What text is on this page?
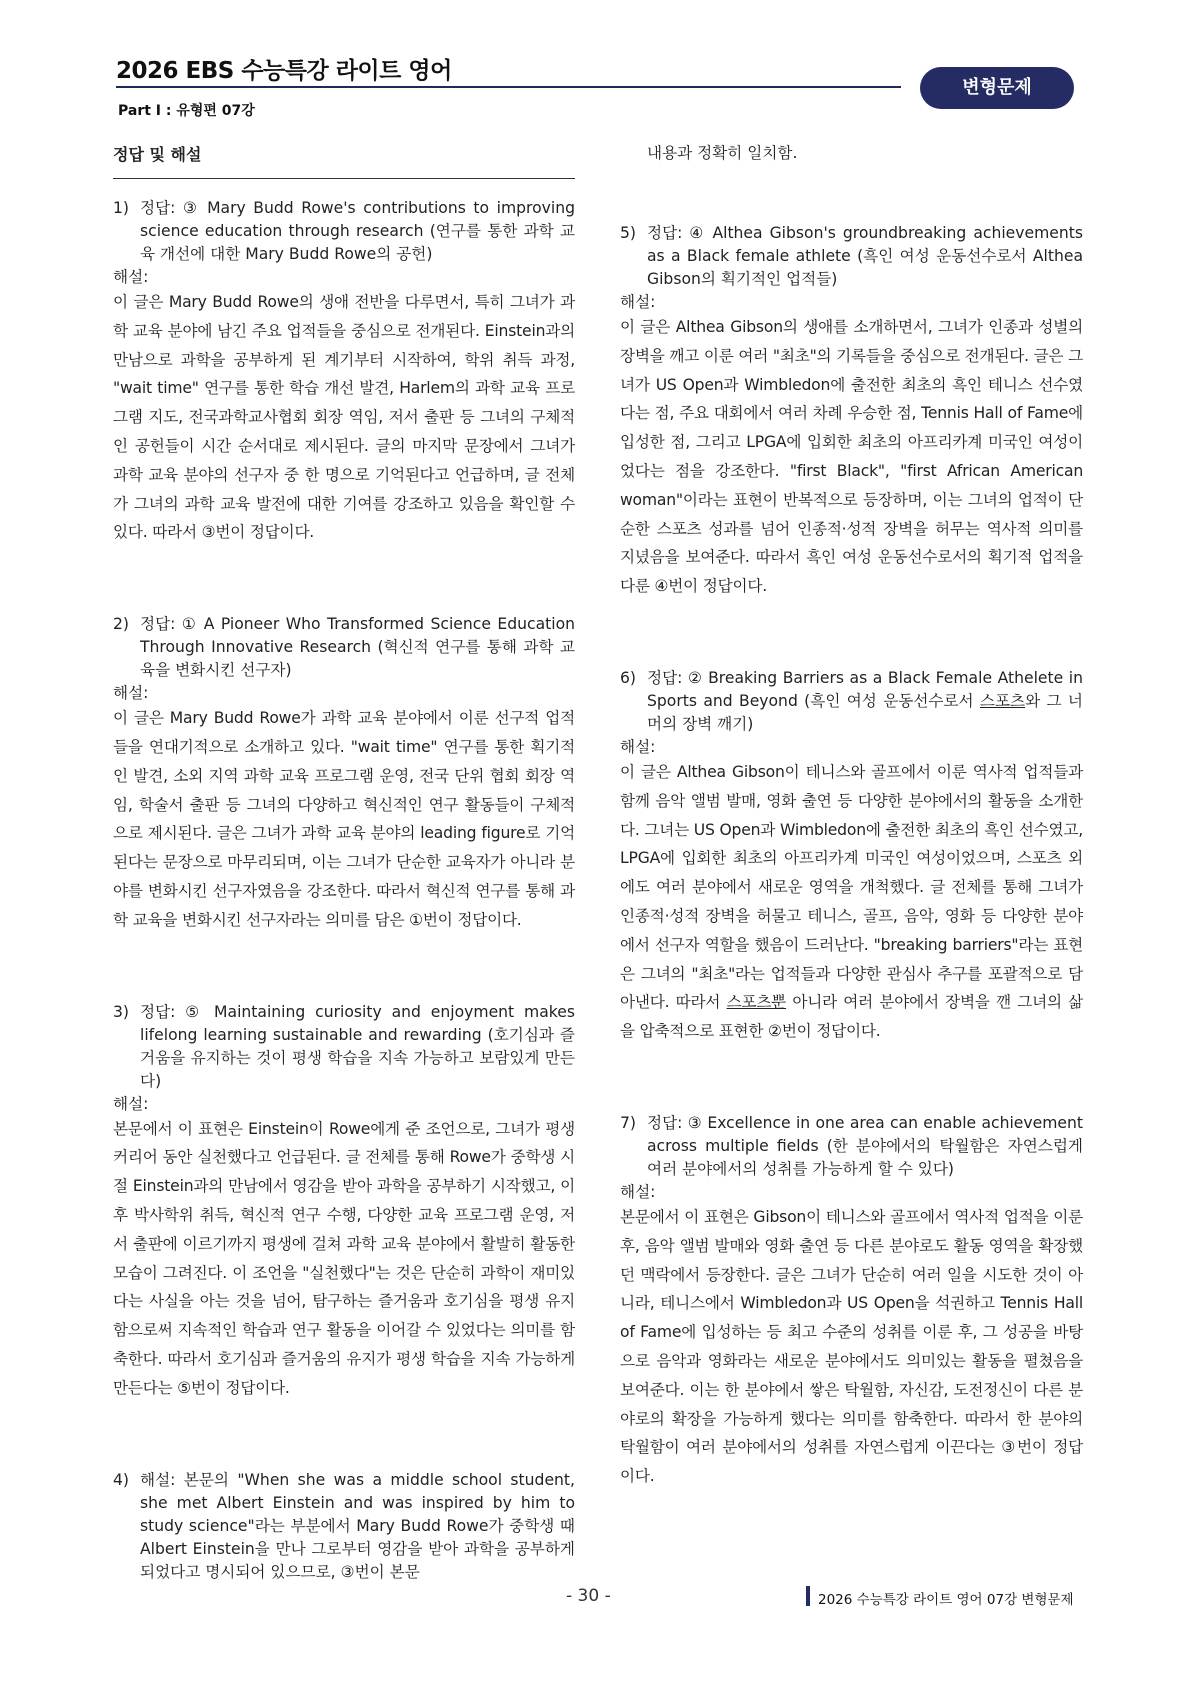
2026 EBS 수능특강 라이트 영어
Part Ⅰ : 유형편 07강
변형문제
정답 및 해설
1) 정답: ③ Mary Budd Rowe's contributions to improving science education through research (연구를 통한 과학 교육 개선에 대한 Mary Budd Rowe의 공헌)
해설:
이 글은 Mary Budd Rowe의 생애 전반을 다루면서, 특히 그녀가 과학 교육 분야에 남긴 주요 업적들을 중심으로 전개된다. Einstein과의 만남으로 과학을 공부하게 된 계기부터 시작하여, 학위 취득 과정, "wait time" 연구를 통한 학습 개선 발견, Harlem의 과학 교육 프로그램 지도, 전국과학교사협회 회장 역임, 저서 출판 등 그녀의 구체적인 공헌들이 시간 순서대로 제시된다. 글의 마지막 문장에서 그녀가 과학 교육 분야의 선구자 중 한 명으로 기억된다고 언급하며, 글 전체가 그녀의 과학 교육 발전에 대한 기여를 강조하고 있음을 확인할 수 있다. 따라서 ③번이 정답이다.
2) 정답: ① A Pioneer Who Transformed Science Education Through Innovative Research (혁신적 연구를 통해 과학 교육을 변화시킨 선구자)
해설:
이 글은 Mary Budd Rowe가 과학 교육 분야에서 이룬 선구적 업적들을 연대기적으로 소개하고 있다. "wait time" 연구를 통한 획기적인 발견, 소외 지역 과학 교육 프로그램 운영, 전국 단위 협회 회장 역임, 학술서 출판 등 그녀의 다양하고 혁신적인 연구 활동들이 구체적으로 제시된다. 글은 그녀가 과학 교육 분야의 leading figure로 기억된다는 문장으로 마무리되며, 이는 그녀가 단순한 교육자가 아니라 분야를 변화시킨 선구자였음을 강조한다. 따라서 혁신적 연구를 통해 과학 교육을 변화시킨 선구자라는 의미를 담은 ①번이 정답이다.
3) 정답: ⑤ Maintaining curiosity and enjoyment makes lifelong learning sustainable and rewarding (호기심과 즐거움을 유지하는 것이 평생 학습을 지속 가능하고 보람있게 만든다)
해설:
본문에서 이 표현은 Einstein이 Rowe에게 준 조언으로, 그녀가 평생 커리어 동안 실천했다고 언급된다. 글 전체를 통해 Rowe가 중학생 시절 Einstein과의 만남에서 영감을 받아 과학을 공부하기 시작했고, 이후 박사학위 취득, 혁신적 연구 수행, 다양한 교육 프로그램 운영, 저서 출판에 이르기까지 평생에 걸쳐 과학 교육 분야에서 활발히 활동한 모습이 그려진다. 이 조언을 "실천했다"는 것은 단순히 과학이 재미있다는 사실을 아는 것을 넘어, 탐구하는 즐거움과 호기심을 평생 유지함으로써 지속적인 학습과 연구 활동을 이어갈 수 있었다는 의미를 함축한다. 따라서 호기심과 즐거움의 유지가 평생 학습을 지속 가능하게 만든다는 ⑤번이 정답이다.
4) 해설: 본문의 "When she was a middle school student, she met Albert Einstein and was inspired by him to study science"라는 부분에서 Mary Budd Rowe가 중학생 때 Albert Einstein을 만나 그로부터 영감을 받아 과학을 공부하게 되었다고 명시되어 있으므로, ③번이 본문
내용과 정확히 일치함.
5) 정답: ④ Althea Gibson's groundbreaking achievements as a Black female athlete (흑인 여성 운동선수로서 Althea Gibson의 획기적인 업적들)
해설:
이 글은 Althea Gibson의 생애를 소개하면서, 그녀가 인종과 성별의 장벽을 깨고 이룬 여러 "최초"의 기록들을 중심으로 전개된다. 글은 그녀가 US Open과 Wimbledon에 출전한 최초의 흑인 테니스 선수였다는 점, 주요 대회에서 여러 차례 우승한 점, Tennis Hall of Fame에 입성한 점, 그리고 LPGA에 입회한 최초의 아프리카계 미국인 여성이었다는 점을 강조한다. "first Black", "first African American woman"이라는 표현이 반복적으로 등장하며, 이는 그녀의 업적이 단순한 스포츠 성과를 넘어 인종적·성적 장벽을 허무는 역사적 의미를 지녔음을 보여준다. 따라서 흑인 여성 운동선수로서의 획기적 업적을 다룬 ④번이 정답이다.
6) 정답: ② Breaking Barriers as a Black Female Athelete in Sports and Beyond (흑인 여성 운동선수로서 스포츠와 그 너머의 장벽 깨기)
해설:
이 글은 Althea Gibson이 테니스와 골프에서 이룬 역사적 업적들과 함께 음악 앨범 발매, 영화 출연 등 다양한 분야에서의 활동을 소개한다. 그녀는 US Open과 Wimbledon에 출전한 최초의 흑인 선수였고, LPGA에 입회한 최초의 아프리카계 미국인 여성이었으며, 스포츠 외에도 여러 분야에서 새로운 영역을 개척했다. 글 전체를 통해 그녀가 인종적·성적 장벽을 허물고 테니스, 골프, 음악, 영화 등 다양한 분야에서 선구자 역할을 했음이 드러난다. "breaking barriers"라는 표현은 그녀의 "최초"라는 업적들과 다양한 관심사 추구를 포괄적으로 담아낸다. 따라서 스포츠뿐 아니라 여러 분야에서 장벽을 깬 그녀의 삶을 압축적으로 표현한 ②번이 정답이다.
7) 정답: ③ Excellence in one area can enable achievement across multiple fields (한 분야에서의 탁월함은 자연스럽게 여러 분야에서의 성취를 가능하게 할 수 있다)
해설:
본문에서 이 표현은 Gibson이 테니스와 골프에서 역사적 업적을 이룬 후, 음악 앨범 발매와 영화 출연 등 다른 분야로도 활동 영역을 확장했던 맥락에서 등장한다. 글은 그녀가 단순히 여러 일을 시도한 것이 아니라, 테니스에서 Wimbledon과 US Open을 석권하고 Tennis Hall of Fame에 입성하는 등 최고 수준의 성취를 이룬 후, 그 성공을 바탕으로 음악과 영화라는 새로운 분야에서도 의미있는 활동을 펼쳤음을 보여준다. 이는 한 분야에서 쌓은 탁월함, 자신감, 도전정신이 다른 분야로의 확장을 가능하게 했다는 의미를 함축한다. 따라서 한 분야의 탁월함이 여러 분야에서의 성취를 자연스럽게 이끈다는 ③번이 정답이다.
- 30 -	2026 수능특강 라이트 영어 07강 변형문제
